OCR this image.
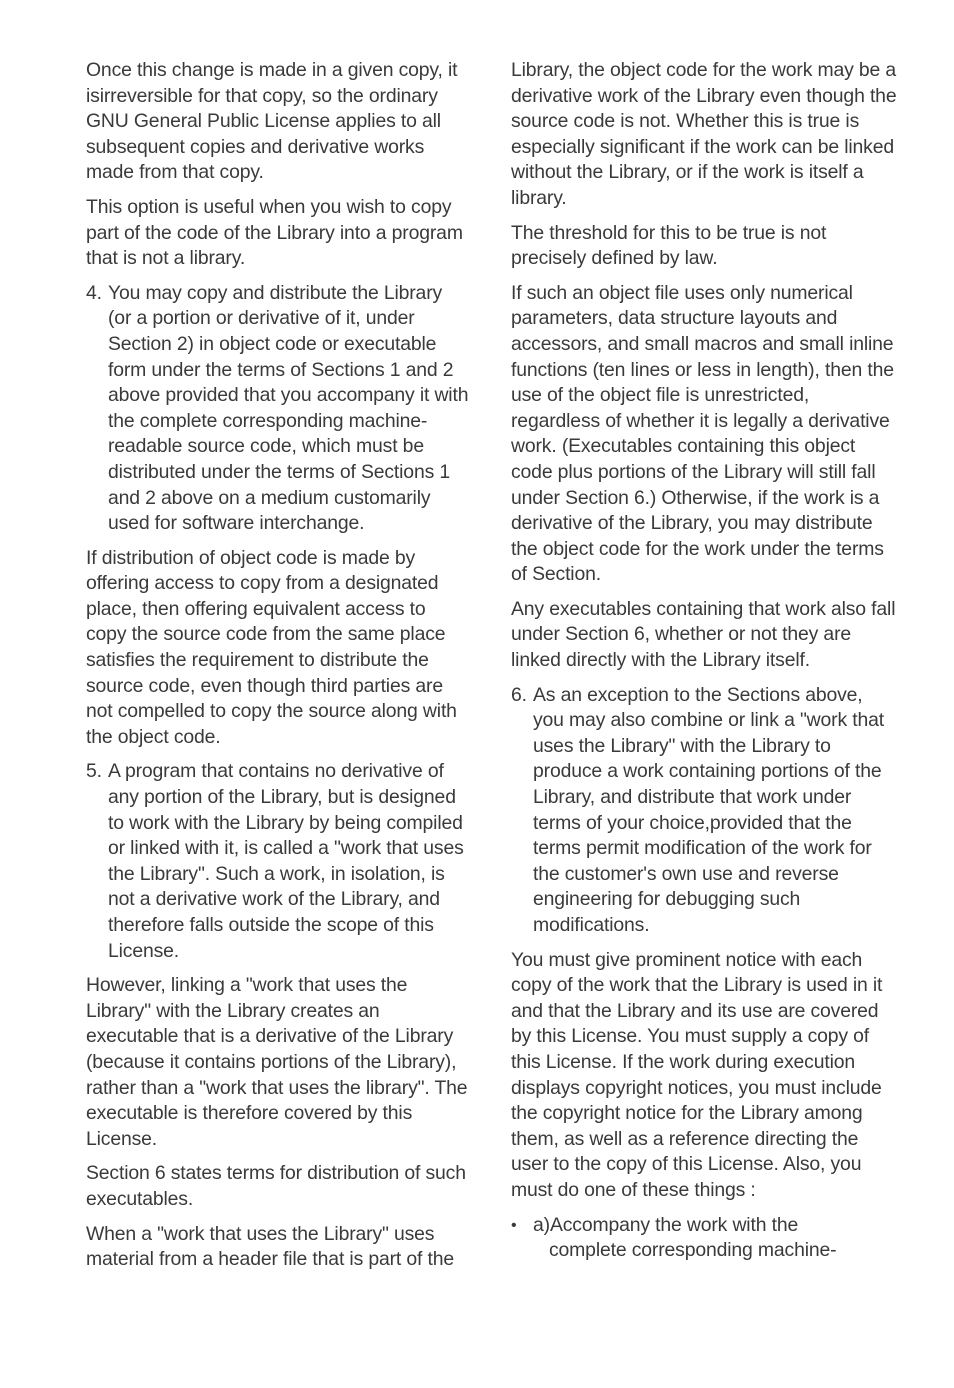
Once this change is made in a given copy, it isirreversible for that copy, so the ordinary GNU General Public License applies to all subsequent copies and derivative works made from that copy.

This option is useful when you wish to copy part of the code of the Library into a program that is not a library.

4. You may copy and distribute the Library (or a portion or derivative of it, under Section 2) in object code or executable form under the terms of Sections 1 and 2 above provided that you accompany it with the complete corresponding machine-readable source code, which must be distributed under the terms of Sections 1 and 2 above on a medium customarily used for software interchange.

If distribution of object code is made by offering access to copy from a designated place, then offering equivalent access to copy the source code from the same place satisfies the requirement to distribute the source code, even though third parties are not compelled to copy the source along with the object code.

5. A program that contains no derivative of any portion of the Library, but is designed to work with the Library by being compiled or linked with it, is called a "work that uses the Library". Such a work, in isolation, is not a derivative work of the Library, and therefore falls outside the scope of this License.

However, linking a "work that uses the Library" with the Library creates an executable that is a derivative of the Library (because it contains portions of the Library), rather than a "work that uses the library". The executable is therefore covered by this License.

Section 6 states terms for distribution of such executables.

When a "work that uses the Library" uses material from a header file that is part of the

Library, the object code for the work may be a derivative work of the Library even though the source code is not. Whether this is true is especially significant if the work can be linked without the Library, or if the work is itself a library.

The threshold for this to be true is not precisely defined by law.

If such an object file uses only numerical parameters, data structure layouts and accessors, and small macros and small inline functions (ten lines or less in length), then the use of the object file is unrestricted, regardless of whether it is legally a derivative work. (Executables containing this object code plus portions of the Library will still fall under Section 6.) Otherwise, if the work is a derivative of the Library, you may distribute the object code for the work under the terms of Section.

Any executables containing that work also fall under Section 6, whether or not they are linked directly with the Library itself.

6. As an exception to the Sections above, you may also combine or link a "work that uses the Library" with the Library to produce a work containing portions of the Library, and distribute that work under terms of your choice,provided that the terms permit modification of the work for the customer's own use and reverse engineering for debugging such modifications.

You must give prominent notice with each copy of the work that the Library is used in it and that the Library and its use are covered by this License. You must supply a copy of this License. If the work during execution displays copyright notices, you must include the copyright notice for the Library among them, as well as a reference directing the user to the copy of this License. Also, you must do one of these things :

• a)Accompany the work with the
complete corresponding machine-
